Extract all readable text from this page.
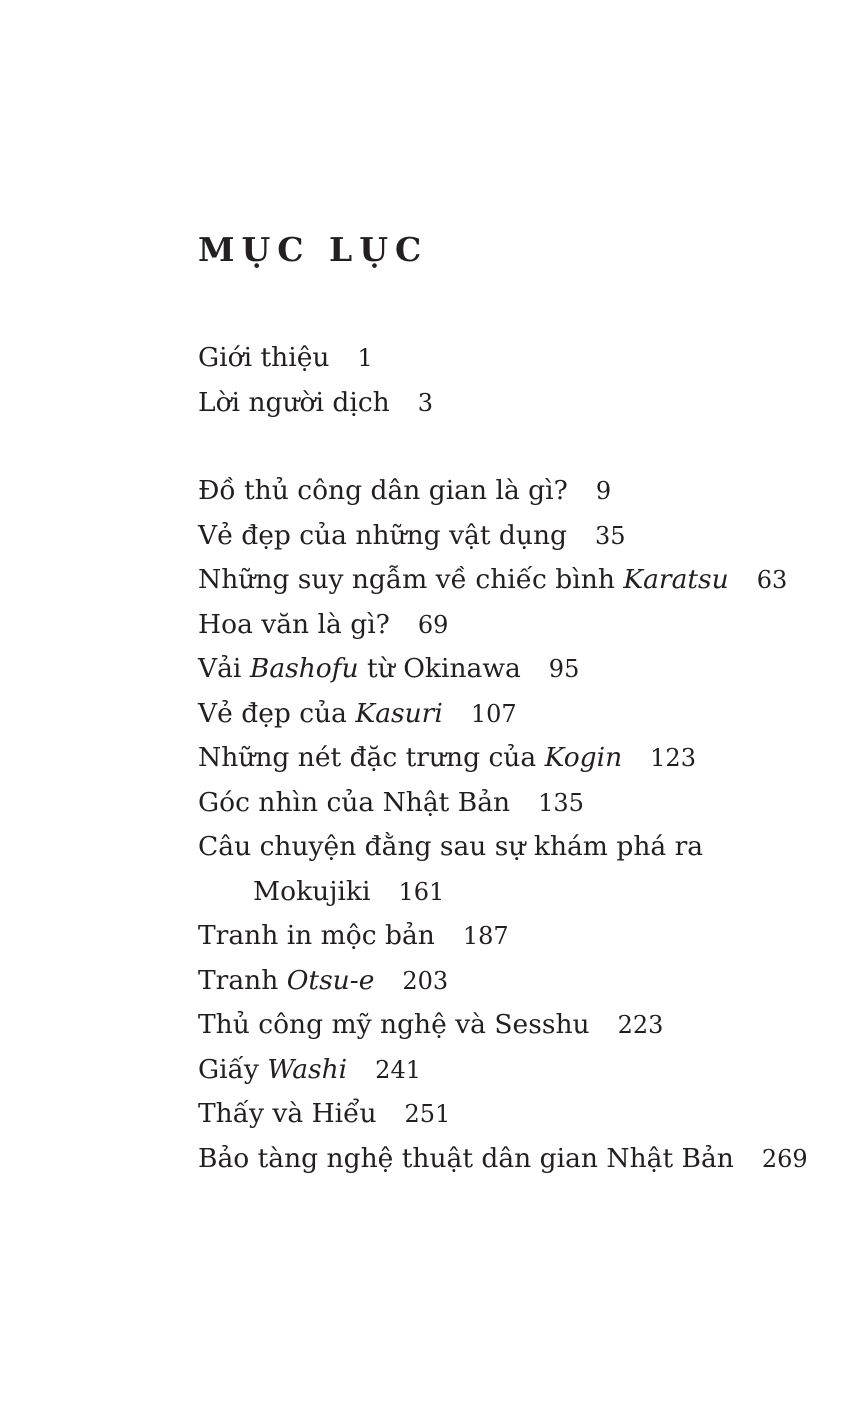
MỤC LỤC
Giới thiệu 1
Lời người dịch 3
Đồ thủ công dân gian là gì? 9
Vẻ đẹp của những vật dụng 35
Những suy ngẫm về chiếc bình Karatsu 63
Hoa văn là gì? 69
Vải Bashofu từ Okinawa 95
Vẻ đẹp của Kasuri 107
Những nét đặc trưng của Kogin 123
Góc nhìn của Nhật Bản 135
Câu chuyện đằng sau sự khám phá ra
Mokujiki 161
Tranh in mộc bản 187
Tranh Otsu-e 203
Thủ công mỹ nghệ và Sesshu 223
Giấy Washi 241
Thấy và Hiểu 251
Bảo tàng nghệ thuật dân gian Nhật Bản 269
